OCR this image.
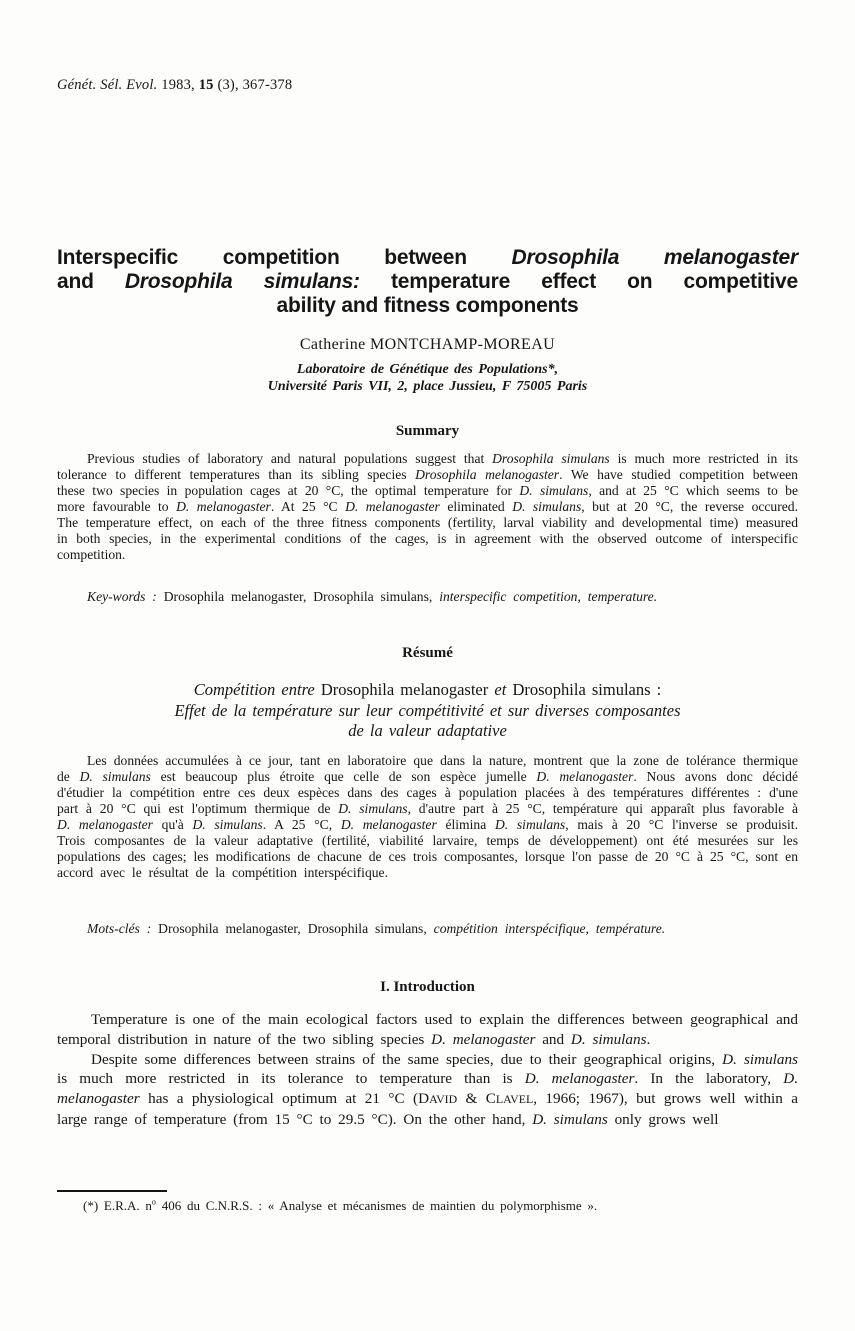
Génét. Sél. Evol. 1983, 15 (3), 367-378
Interspecific competition between Drosophila melanogaster
and Drosophila simulans: temperature effect on competitive
ability and fitness components
Catherine MONTCHAMP-MOREAU
Laboratoire de Génétique des Populations*,
Université Paris VII, 2, place Jussieu, F 75005 Paris
Summary

Previous studies of laboratory and natural populations suggest that Drosophila simulans is much more restricted in its tolerance to different temperatures than its sibling species Drosophila melanogaster. We have studied competition between these two species in population cages at 20 °C, the optimal temperature for D. simulans, and at 25 °C which seems to be more favourable to D. melanogaster. At 25 °C D. melanogaster eliminated D. simulans, but at 20 °C, the reverse occured. The temperature effect, on each of the three fitness components (fertility, larval viability and developmental time) measured in both species, in the experimental conditions of the cages, is in agreement with the observed outcome of interspecific competition.

Key-words : Drosophila melanogaster, Drosophila simulans, interspecific competition, temperature.

Résumé
Compétition entre Drosophila melanogaster et Drosophila simulans :
Effet de la température sur leur compétitivité et sur diverses composantes
de la valeur adaptative

Les données accumulées à ce jour, tant en laboratoire que dans la nature, montrent que la zone de tolérance thermique de D. simulans est beaucoup plus étroite que celle de son espèce jumelle D. melanogaster. Nous avons donc décidé d'étudier la compétition entre ces deux espèces dans des cages à population placées à des températures différentes : d'une part à 20 °C qui est l'optimum thermique de D. simulans, d'autre part à 25 °C, température qui apparaît plus favorable à D. melanogaster qu'à D. simulans. A 25 °C, D. melanogaster élimina D. simulans, mais à 20 °C l'inverse se produisit. Trois composantes de la valeur adaptative (fertilité, viabilité larvaire, temps de développement) ont été mesurées sur les populations des cages; les modifications de chacune de ces trois composantes, lorsque l'on passe de 20 °C à 25 °C, sont en accord avec le résultat de la compétition interspécifique.

Mots-clés : Drosophila melanogaster, Drosophila simulans, compétition interspécifique, température.

I. Introduction

Temperature is one of the main ecological factors used to explain the differences between geographical and temporal distribution in nature of the two sibling species D. melanogaster and D. simulans.

Despite some differences between strains of the same species, due to their geographical origins, D. simulans is much more restricted in its tolerance to temperature than is D. melanogaster. In the laboratory, D. melanogaster has a physiological optimum at 21 °C (DAVID & CLAVEL, 1966; 1967), but grows well within a large range of temperature (from 15 °C to 29.5 °C). On the other hand, D. simulans only grows well

(*) E.R.A. $n^o$ 406 du C.N.R.S. : « Analyse et mécanismes de maintien du polymorphisme ».
